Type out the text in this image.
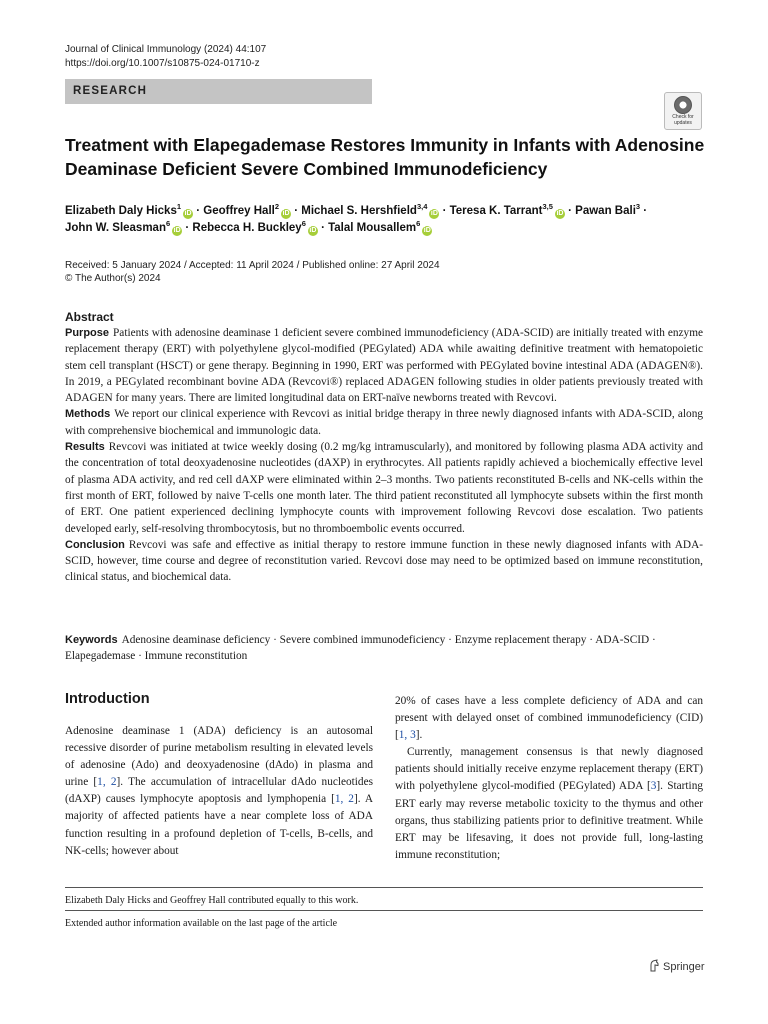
Journal of Clinical Immunology (2024) 44:107
https://doi.org/10.1007/s10875-024-01710-z
RESEARCH
Check for updates
Treatment with Elapegademase Restores Immunity in Infants with Adenosine Deaminase Deficient Severe Combined Immunodeficiency
Elizabeth Daly Hicks$^1$iD · Geoffrey Hall$^2$iD · Michael S. Hershfield$^{3,4}$iD · Teresa K. Tarrant$^{3,5}$iD · Pawan Bali$^3$ ·
John W. Sleasman$^6$iD · Rebecca H. Buckley$^6$iD · Talal Mousallem$^6$iD
Received: 5 January 2024 / Accepted: 11 April 2024 / Published online: 27 April 2024
© The Author(s) 2024
Abstract

Purpose Patients with adenosine deaminase 1 deficient severe combined immunodeficiency (ADA-SCID) are initially treated with enzyme replacement therapy (ERT) with polyethylene glycol-modified (PEGylated) ADA while awaiting definitive treatment with hematopoietic stem cell transplant (HSCT) or gene therapy. Beginning in 1990, ERT was performed with PEGylated bovine intestinal ADA (ADAGEN®). In 2019, a PEGylated recombinant bovine ADA (Revcovi®) replaced ADAGEN following studies in older patients previously treated with ADAGEN for many years. There are limited longitudinal data on ERT-naïve newborns treated with Revcovi.

Methods We report our clinical experience with Revcovi as initial bridge therapy in three newly diagnosed infants with ADA-SCID, along with comprehensive biochemical and immunologic data.

Results Revcovi was initiated at twice weekly dosing (0.2 mg/kg intramuscularly), and monitored by following plasma ADA activity and the concentration of total deoxyadenosine nucleotides (dAXP) in erythrocytes. All patients rapidly achieved a biochemically effective level of plasma ADA activity, and red cell dAXP were eliminated within 2–3 months. Two patients reconstituted B-cells and NK-cells within the first month of ERT, followed by naive T-cells one month later. The third patient reconstituted all lymphocyte subsets within the first month of ERT. One patient experienced declining lymphocyte counts with improvement following Revcovi dose escalation. Two patients developed early, self-resolving thrombocytosis, but no thromboembolic events occurred.

Conclusion Revcovi was safe and effective as initial therapy to restore immune function in these newly diagnosed infants with ADA-SCID, however, time course and degree of reconstitution varied. Revcovi dose may need to be optimized based on immune reconstitution, clinical status, and biochemical data.

Keywords Adenosine deaminase deficiency · Severe combined immunodeficiency · Enzyme replacement therapy · ADA-SCID · Elapegademase · Immune reconstitution
Introduction

Adenosine deaminase 1 (ADA) deficiency is an autosomal recessive disorder of purine metabolism resulting in elevated levels of adenosine (Ado) and deoxyadenosine (dAdo) in plasma and urine [1, 2]. The accumulation of intracellular dAdo nucleotides (dAXP) causes lymphocyte apoptosis and lymphopenia [1, 2]. A majority of affected patients have a near complete loss of ADA function resulting in a profound depletion of T-cells, B-cells, and NK-cells; however about

20% of cases have a less complete deficiency of ADA and can present with delayed onset of combined immunodeficiency (CID) [1, 3].

Currently, management consensus is that newly diagnosed patients should initially receive enzyme replacement therapy (ERT) with polyethylene glycol-modified (PEGylated) ADA [3]. Starting ERT early may reverse metabolic toxicity to the thymus and other organs, thus stabilizing patients prior to definitive treatment. While ERT may be lifesaving, it does not provide full, long-lasting immune reconstitution;

Elizabeth Daly Hicks and Geoffrey Hall contributed equally to this work.
Extended author information available on the last page of the article
Springer
